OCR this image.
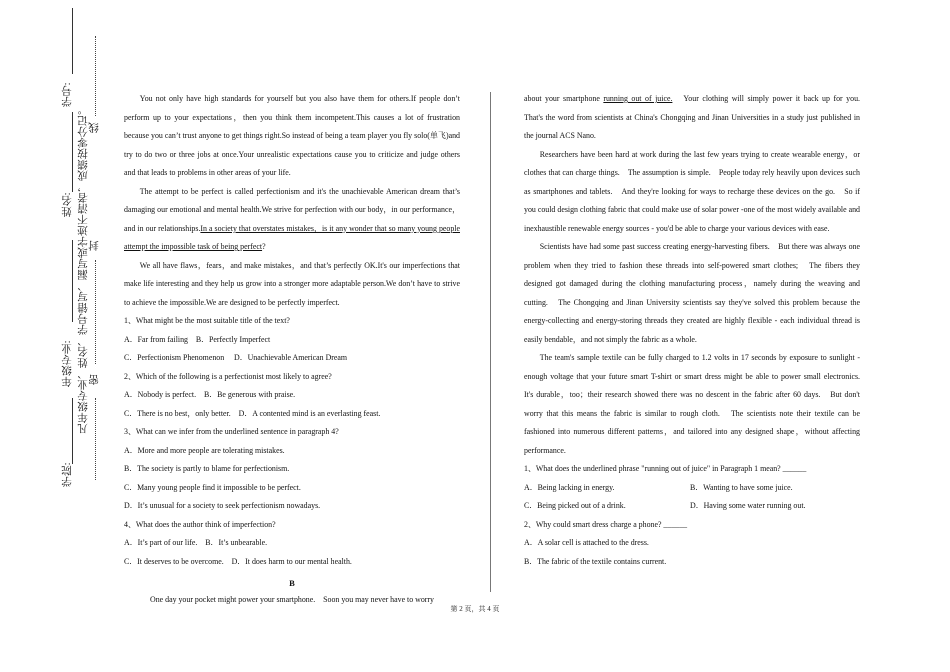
学号:
姓名:
年级专业:
学院:
密
封
凡年级专业、姓名、学号错写、漏写或字迹不清者，成绩按零分记。 线

You not only have high standards for yourself but you also have them for others.If people don’t perform up to your expectations，then you think them incompetent.This causes a lot of frustration because you can’t trust anyone to get things right.So instead of being a team player you fly solo(单飞)and try to do two or three jobs at once.Your unrealistic expectations cause you to criticize and judge others and that leads to problems in other areas of your life.

The attempt to be perfect is called perfectionism and it's the unachievable American dream that’s damaging our emotional and mental health.We strive for perfection with our body，in our performance，and in our relationships.In a society that overstates mistakes，is it any wonder that so many young people attempt the impossible task of being perfect?

We all have flaws，fears，and make mistakes，and that’s perfectly OK.It's our imperfections that make life interesting and they help us grow into a stronger more adaptable person.We don’t have to strive to achieve the impossible.We are designed to be perfectly imperfect.

1、What might be the most suitable title of the text?
A．Far from failing　B．Perfectly Imperfect
C．Perfectionism Phenomenon　 D．Unachievable American Dream
2、Which of the following is a perfectionist most likely to agree?
A．Nobody is perfect.　B．Be generous with praise.
C．There is no best，only better.　D．A contented mind is an everlasting feast.
3、What can we infer from the underlined sentence in paragraph 4?
A．More and more people are tolerating mistakes.
B．The society is partly to blame for perfectionism.
C．Many young people find it impossible to be perfect.
D．It’s unusual for a society to seek perfectionism nowadays.
4、What does the author think of imperfection?
A．It’s part of our life.　B．It’s unbearable.
C．It deserves to be overcome.　D．It does harm to our mental health.
B
One day your pocket might power your smartphone.　Soon you may never have to worry

about your smartphone running out of juice.　Your clothing will simply power it back up for you.　That's the word from scientists at China's Chongqing and Jinan Universities in a study just published in the journal ACS Nano.

Researchers have been hard at work during the last few years trying to create wearable energy，or clothes that can charge things.　The assumption is simple.　People today rely heavily upon devices such as smartphones and tablets.　And they're looking for ways to recharge these devices on the go.　So if you could design clothing fabric that could make use of solar power -one of the most widely available and inexhaustible renewable energy sources - you'd be able to charge your various devices with ease.

Scientists have had some past success creating energy-harvesting fibers.　But there was always one problem when they tried to fashion these threads into self-powered smart clothes;　The fibers they designed got damaged during the clothing manufacturing process，namely during the weaving and cutting.　The Chongqing and Jinan University scientists say they've solved this problem because the energy-collecting and energy-storing threads they created are highly flexible - each individual thread is easily bendable，and not simply the fabric as a whole.

The team's sample textile can be fully charged to 1.2 volts in 17 seconds by exposure to sunlight - enough voltage that your future smart T-shirt or smart dress might be able to power small electronics.　It's durable，too；their research showed there was no descent in the fabric after 60 days.　But don't worry that this means the fabric is similar to rough cloth.　The scientists note their textile can be fashioned into numerous different patterns，and tailored into any designed shape，without affecting performance.

1、What does the underlined phrase "running out of juice" in Paragraph 1 mean? ______
A．Being lacking in energy.	B．Wanting to have some juice.
C．Being picked out of a drink.	D．Having some water running out.
2、Why could smart dress charge a phone? ______
A．A solar cell is attached to the dress.
B．The fabric of the textile contains current.
第 2 页，共 4 页
